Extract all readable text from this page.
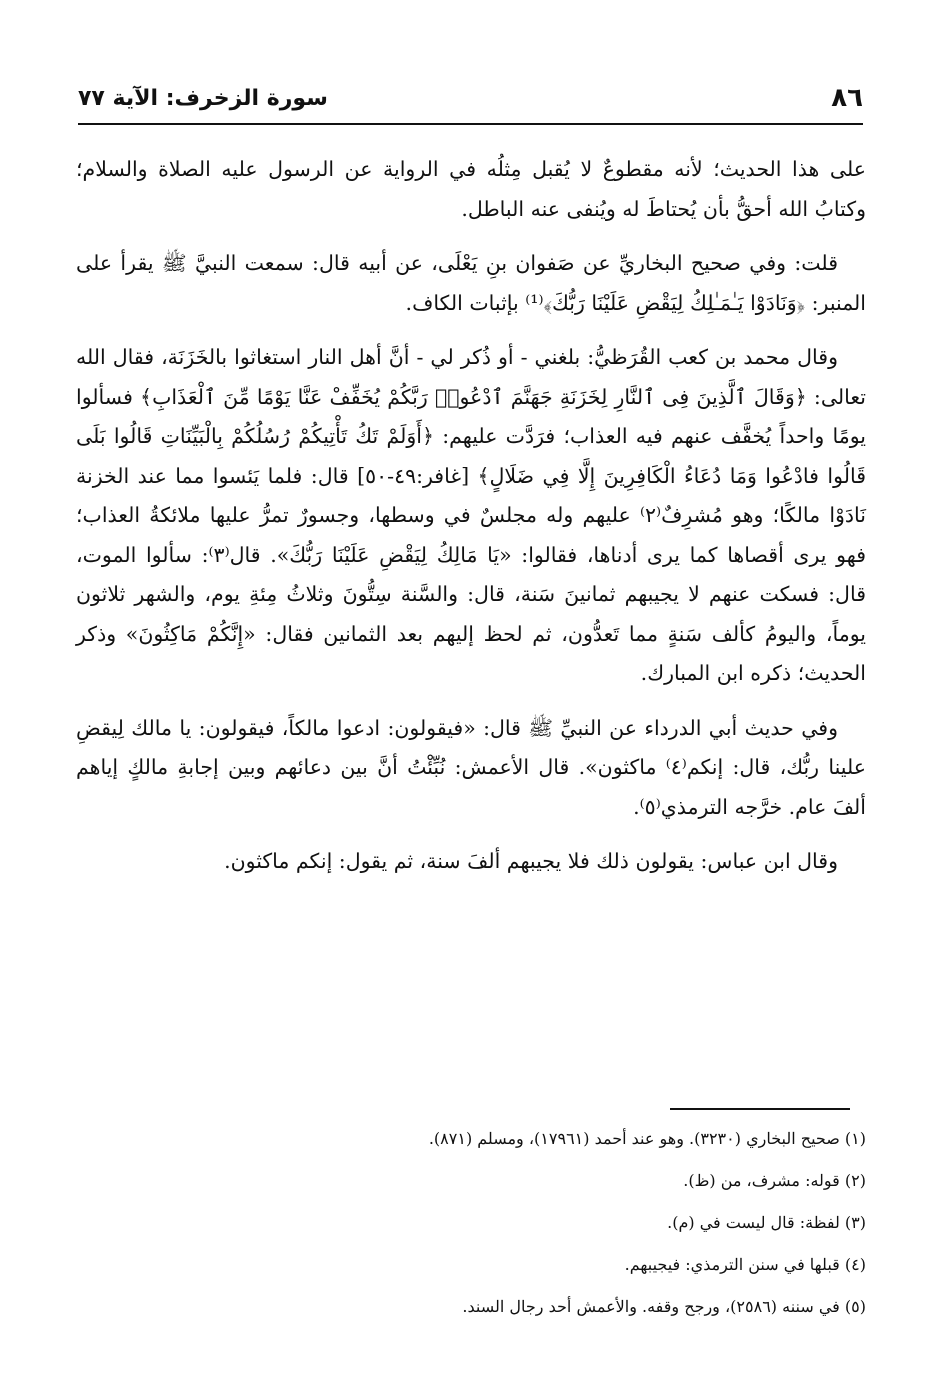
٨٦
سورة الزخرف: الآية ٧٧

على هذا الحديث؛ لأنه مقطوعٌ لا يُقبل مِثلُه في الرواية عن الرسول عليه الصلاة والسلام؛ وكتابُ الله أحقُّ بأن يُحتاطَ له ويُنفى عنه الباطل.

قلت: وفي صحيح البخاريِّ عن صَفوان بنِ يَعْلَى، عن أبيه قال: سمعت النبيَّ ﷺ يقرأ على المنبر: ﴿وَنَادَوْا يَـٰمَـٰلِكُ لِيَقْضِ عَلَيْنَا رَبُّكَ﴾⁽¹⁾ بإثبات الكاف.

وقال محمد بن كعب القُرَظيُّ: بلغني - أو ذُكر لي - أنَّ أهل النار استغاثوا بالخَزَنَة، فقال الله تعالى: ﴿وَقَالَ ٱلَّذِينَ فِى ٱلنَّارِ لِخَزَنَةِ جَهَنَّمَ ٱدْعُوا۟ رَبَّكُمْ يُخَفِّفْ عَنَّا يَوْمًا مِّنَ ٱلْعَذَابِ﴾ فسألوا يومًا واحداً يُخفَّف عنهم فيه العذاب؛ فرَدَّت عليهم: ﴿أَوَلَمْ تَكُ تَأْتِيكُمْ رُسُلُكُمْ بِالْبَيِّنَاتِ قَالُوا بَلَى قَالُوا فادْعُوا وَمَا دُعَاءُ الْكَافِرِينَ إِلَّا فِي ضَلَالٍ﴾ [غافر:٤٩-٥٠] قال: فلما يَئسوا مما عند الخزنة نَادَوْا مالكًا؛ وهو مُشرِفٌ⁽٢⁾ عليهم وله مجلسٌ في وسطها، وجسورٌ تمرُّ عليها ملائكةُ العذاب؛ فهو يرى أقصاها كما يرى أدناها، فقالوا: «يَا مَالِكُ لِيَقْضِ عَلَيْنَا رَبُّكَ». قال⁽٣⁾: سألوا الموت، قال: فسكت عنهم لا يجيبهم ثمانينَ سَنة، قال: والسَّنة سِتُّونَ وثلاثُ مِئةِ يوم، والشهر ثلاثون يوماً، واليومُ كألف سَنةٍ مما تَعدُّون، ثم لحظ إليهم بعد الثمانين فقال: «إِنَّكُمْ مَاكِثُونَ» وذكر الحديث؛ ذكره ابن المبارك.

وفي حديث أبي الدرداء عن النبيِّ ﷺ قال: «فيقولون: ادعوا مالكاً، فيقولون: يا مالك لِيقضِ علينا ربُّك، قال: إنكم⁽٤⁾ ماكثون». قال الأعمش: نُبِّئْتُ أنَّ بين دعائهم وبين إجابةِ مالكٍ إياهم ألفَ عام. خرَّجه الترمذي⁽٥⁾.

وقال ابن عباس: يقولون ذلك فلا يجيبهم ألفَ سنة، ثم يقول: إنكم ماكثون.

(١) صحيح البخاري (٣٢٣٠). وهو عند أحمد (١٧٩٦١)، ومسلم (٨٧١).

(٢) قوله: مشرف، من (ظ).

(٣) لفظة: قال ليست في (م).

(٤) قبلها في سنن الترمذي: فيجيبهم.

(٥) في سننه (٢٥٨٦)، ورجح وقفه. والأعمش أحد رجال السند.
